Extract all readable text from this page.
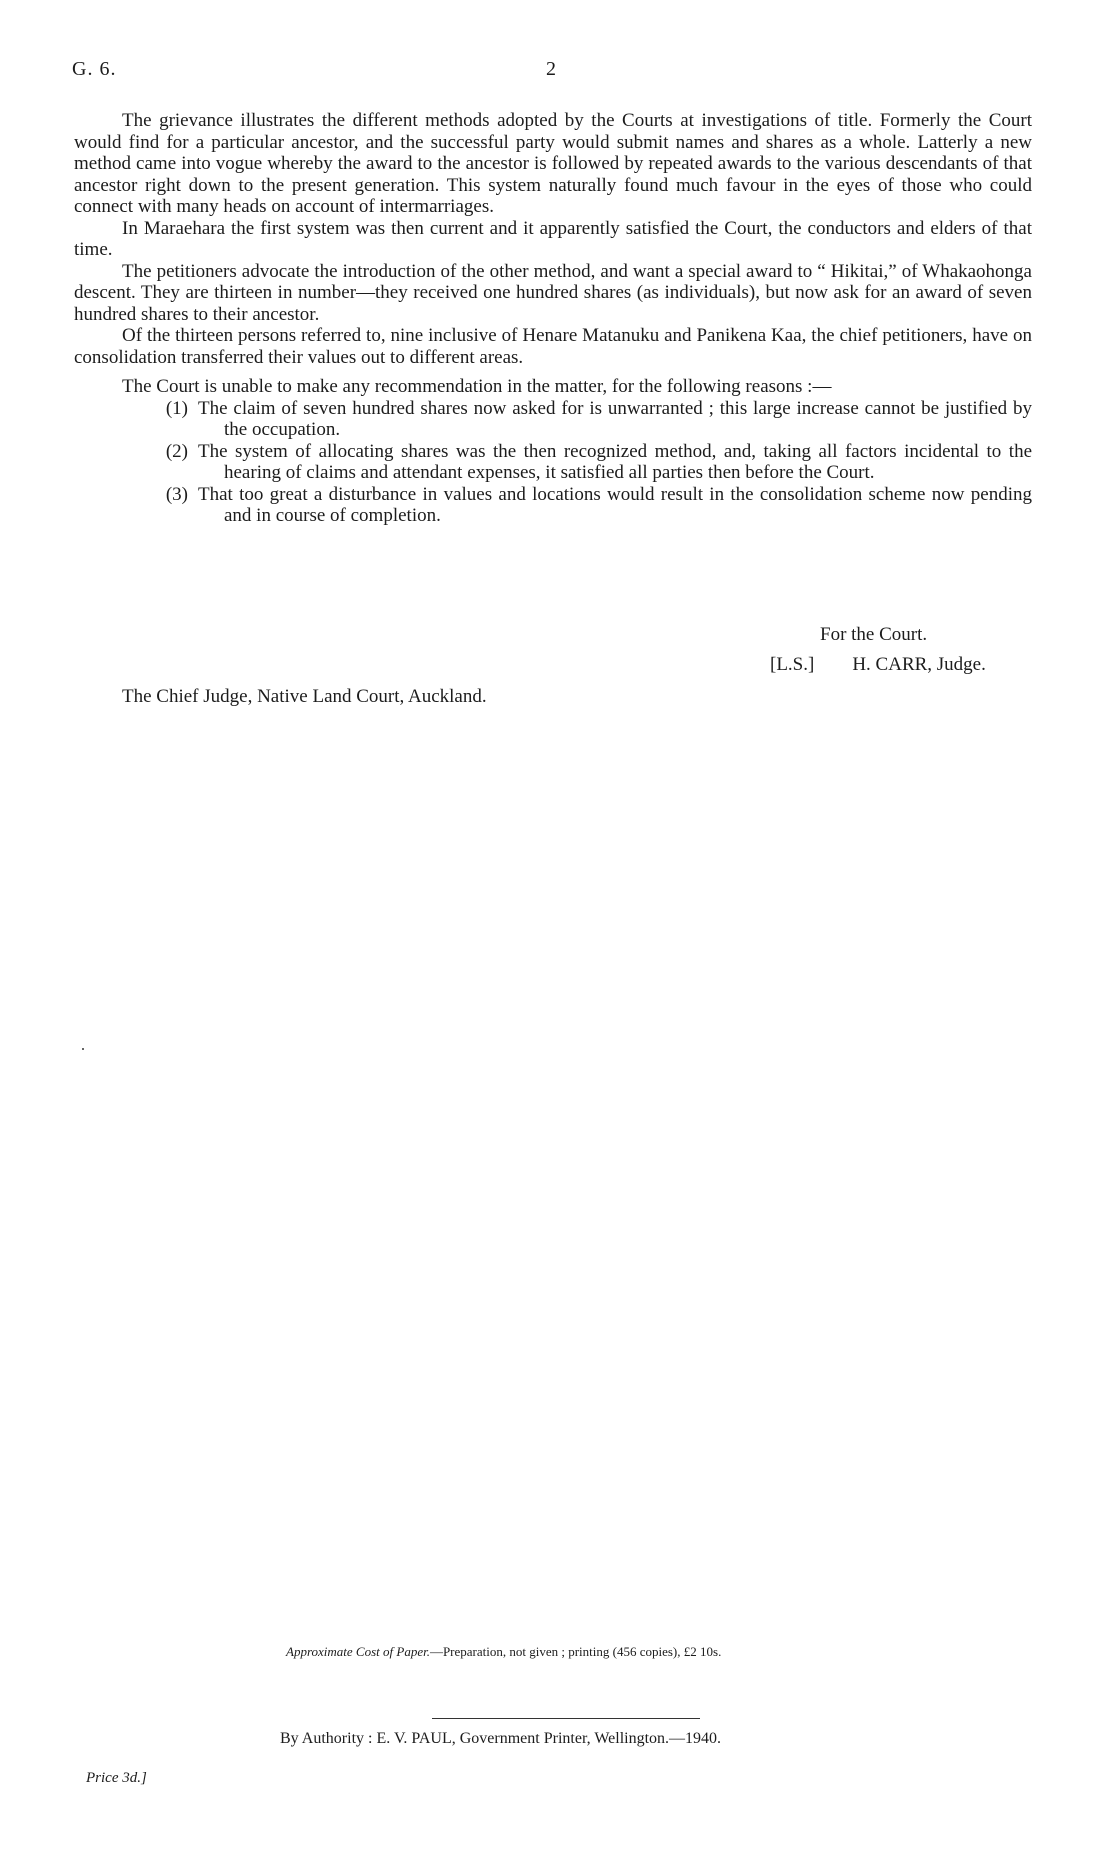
G. 6.	2

The grievance illustrates the different methods adopted by the Courts at investigations of title. Formerly the Court would find for a particular ancestor, and the successful party would submit names and shares as a whole. Latterly a new method came into vogue whereby the award to the ancestor is followed by repeated awards to the various descendants of that ancestor right down to the present generation. This system naturally found much favour in the eyes of those who could connect with many heads on account of intermarriages.

In Maraehara the first system was then current and it apparently satisfied the Court, the conductors and elders of that time.

The petitioners advocate the introduction of the other method, and want a special award to “ Hikitai,” of Whakaohonga descent. They are thirteen in number—they received one hundred shares (as individuals), but now ask for an award of seven hundred shares to their ancestor.

Of the thirteen persons referred to, nine inclusive of Henare Matanuku and Panikena Kaa, the chief petitioners, have on consolidation transferred their values out to different areas.

The Court is unable to make any recommendation in the matter, for the following reasons :—

(1) The claim of seven hundred shares now asked for is unwarranted ; this large increase cannot be justified by the occupation.
(2) The system of allocating shares was the then recognized method, and, taking all factors incidental to the hearing of claims and attendant expenses, it satisfied all parties then before the Court.
(3) That too great a disturbance in values and locations would result in the consolidation scheme now pending and in course of completion.
For the Court.
[L.S.] H. CARR, Judge.
The Chief Judge, Native Land Court, Auckland.
Approximate Cost of Paper.—Preparation, not given ; printing (456 copies), £2 10s.
By Authority : E. V. PAUL, Government Printer, Wellington.—1940.
Price 3d.]
